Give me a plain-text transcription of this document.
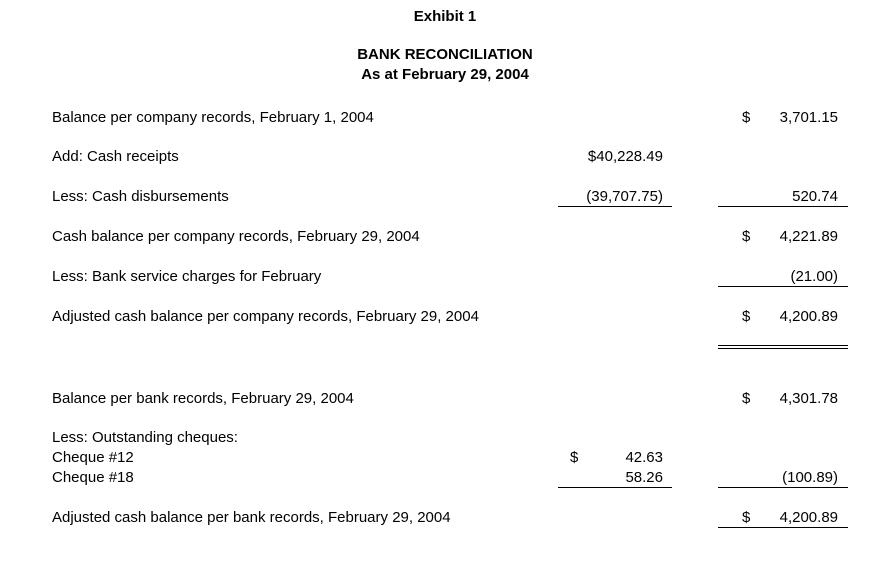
Exhibit 1
BANK RECONCILIATION
As at February 29, 2004
Balance per company records, February 1, 2004	$ 3,701.15
Add: Cash receipts	$40,228.49
Less: Cash disbursements	(39,707.75)	520.74
Cash balance per company records, February 29, 2004	$ 4,221.89
Less: Bank service charges for February	(21.00)
Adjusted cash balance per company records, February 29, 2004	$ 4,200.89
Balance per bank records, February 29, 2004	$ 4,301.78
Less: Outstanding cheques:
Cheque #12	$	42.63
Cheque #18	58.26	(100.89)
Adjusted cash balance per bank records, February 29, 2004	$ 4,200.89
